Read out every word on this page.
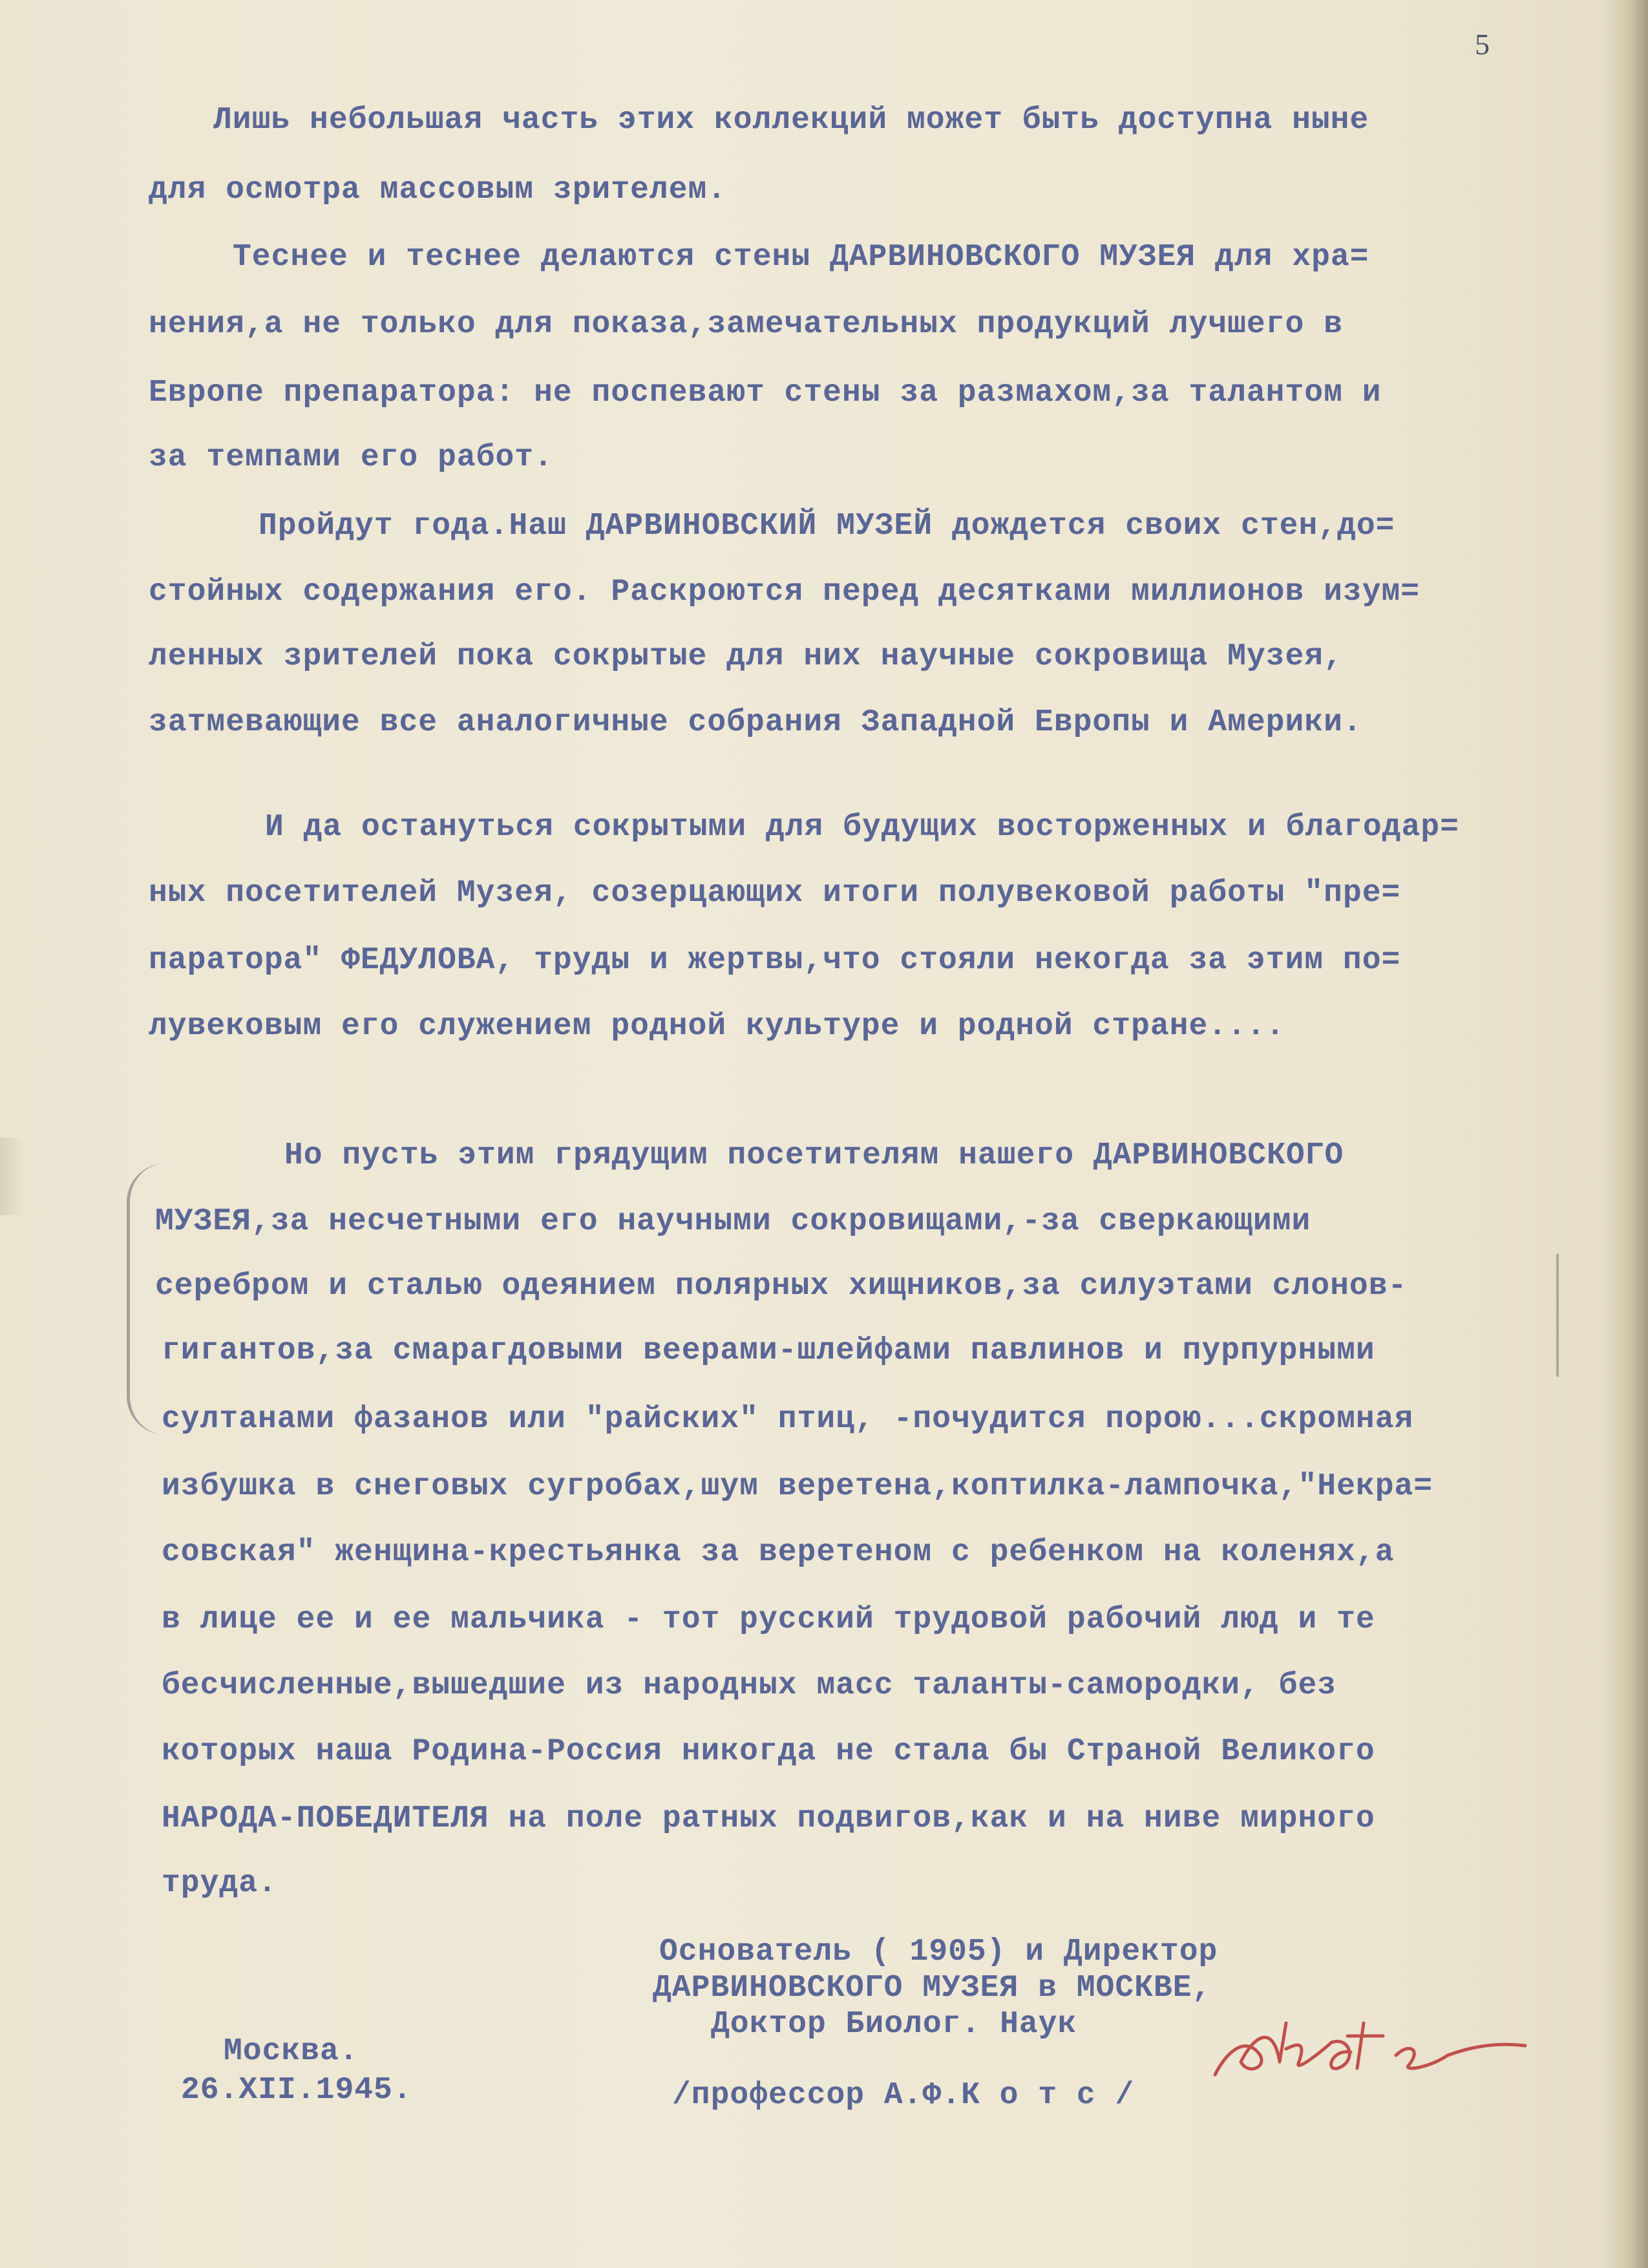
5
Лишь небольшая часть этих коллекций может быть доступна ныне
для осмотра массовым зрителем.
Теснее и теснее делаются стены ДАРВИНОВСКОГО МУЗЕЯ для хра=
нения,а не только для показа,замечательных продукций лучшего в
Европе препаратора: не поспевают стены за размахом,за талантом и
за темпами его работ.
Пройдут года.Наш ДАРВИНОВСКИЙ МУЗЕЙ дождется своих стен,до=
стойных содержания его. Раскроются перед десятками миллионов изум=
ленных зрителей пока сокрытые для них научные сокровища Музея,
затмевающие все аналогичные собрания Западной Европы и Америки.
И да остануться сокрытыми для будущих восторженных и благодар=
ных посетителей Музея, созерцающих итоги полувековой работы "пре=
паратора" ФЕДУЛОВА, труды и жертвы,что стояли некогда за этим по=
лувековым его служением родной культуре и родной стране....
Но пусть этим грядущим посетителям нашего ДАРВИНОВСКОГО
МУЗЕЯ,за несчетными его научными сокровищами,-за сверкающими
серебром и сталью одеянием полярных хищников,за силуэтами слонов-
гигантов,за смарагдовыми веерами-шлейфами павлинов и пурпурными
султанами фазанов или "райских" птиц, -почудится порою...скромная
избушка в снеговых сугробах,шум веретена,коптилка-лампочка,"Некра=
совская" женщина-крестьянка за веретеном с ребенком на коленях,а
в лице ее и ее мальчика - тот русский трудовой рабочий люд и те
бесчисленные,вышедшие из народных масс таланты-самородки, без
которых наша Родина-Россия никогда не стала бы Страной Великого
НАРОДА-ПОБЕДИТЕЛЯ на поле ратных подвигов,как и на ниве мирного
труда.
Основатель ( 1905) и Директор
ДАРВИНОВСКОГО МУЗЕЯ в МОСКВЕ,
Доктор Биолог. Наук
Москва.
26.XII.1945.	/профессор А.Ф.К о т с /
